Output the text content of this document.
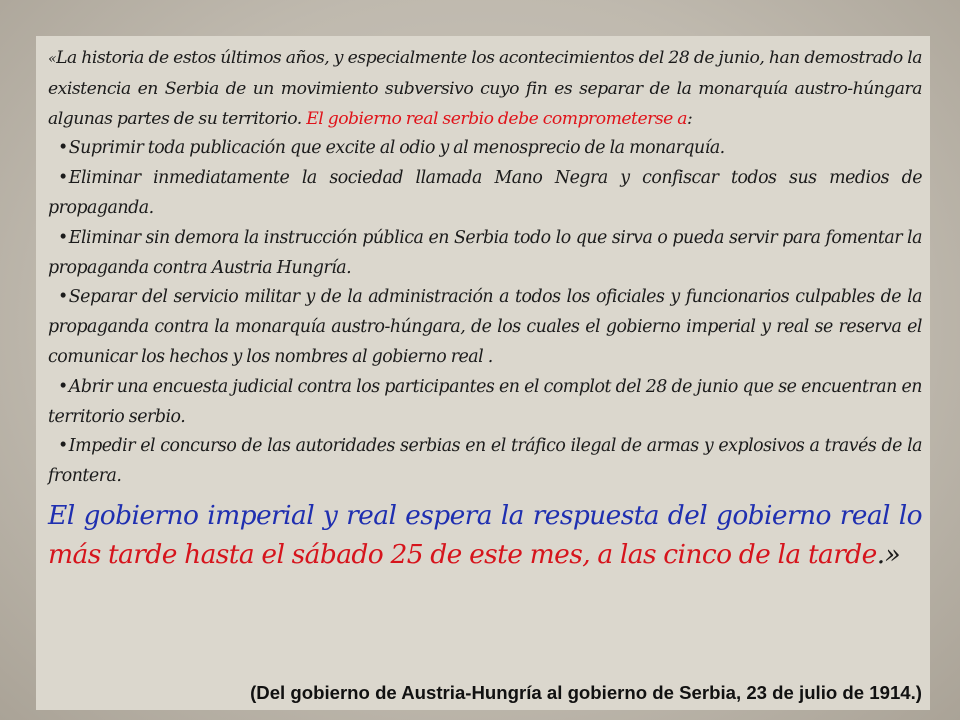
«La historia de estos últimos años, y especialmente los acontecimientos del 28 de junio, han demostrado la existencia en Serbia de un movimiento subversivo cuyo fin es separar de la monarquía austro-húngara algunas partes de su territorio. El gobierno real serbio debe comprometerse a:

•Suprimir toda publicación que excite al odio y al menosprecio de la monarquía.

•Eliminar inmediatamente la sociedad llamada Mano Negra y confiscar todos sus medios de propaganda.

•Eliminar sin demora la instrucción pública en Serbia todo lo que sirva o pueda servir para fomentar la propaganda contra Austria Hungría.

•Separar del servicio militar y de la administración a todos los oficiales y funcionarios culpables de la propaganda contra la monarquía austro-húngara, de los cuales el gobierno imperial y real se reserva el comunicar los hechos y los nombres al gobierno real .

•Abrir una encuesta judicial contra los participantes en el complot del 28 de junio que se encuentran en territorio serbio.

•Impedir el concurso de las autoridades serbias en el tráfico ilegal de armas y explosivos a través de la frontera.

El gobierno imperial y real espera la respuesta del gobierno real lo más tarde hasta el sábado 25 de este mes, a las cinco de la tarde.»

(Del gobierno de Austria-Hungría al gobierno de Serbia, 23 de julio de 1914.)
